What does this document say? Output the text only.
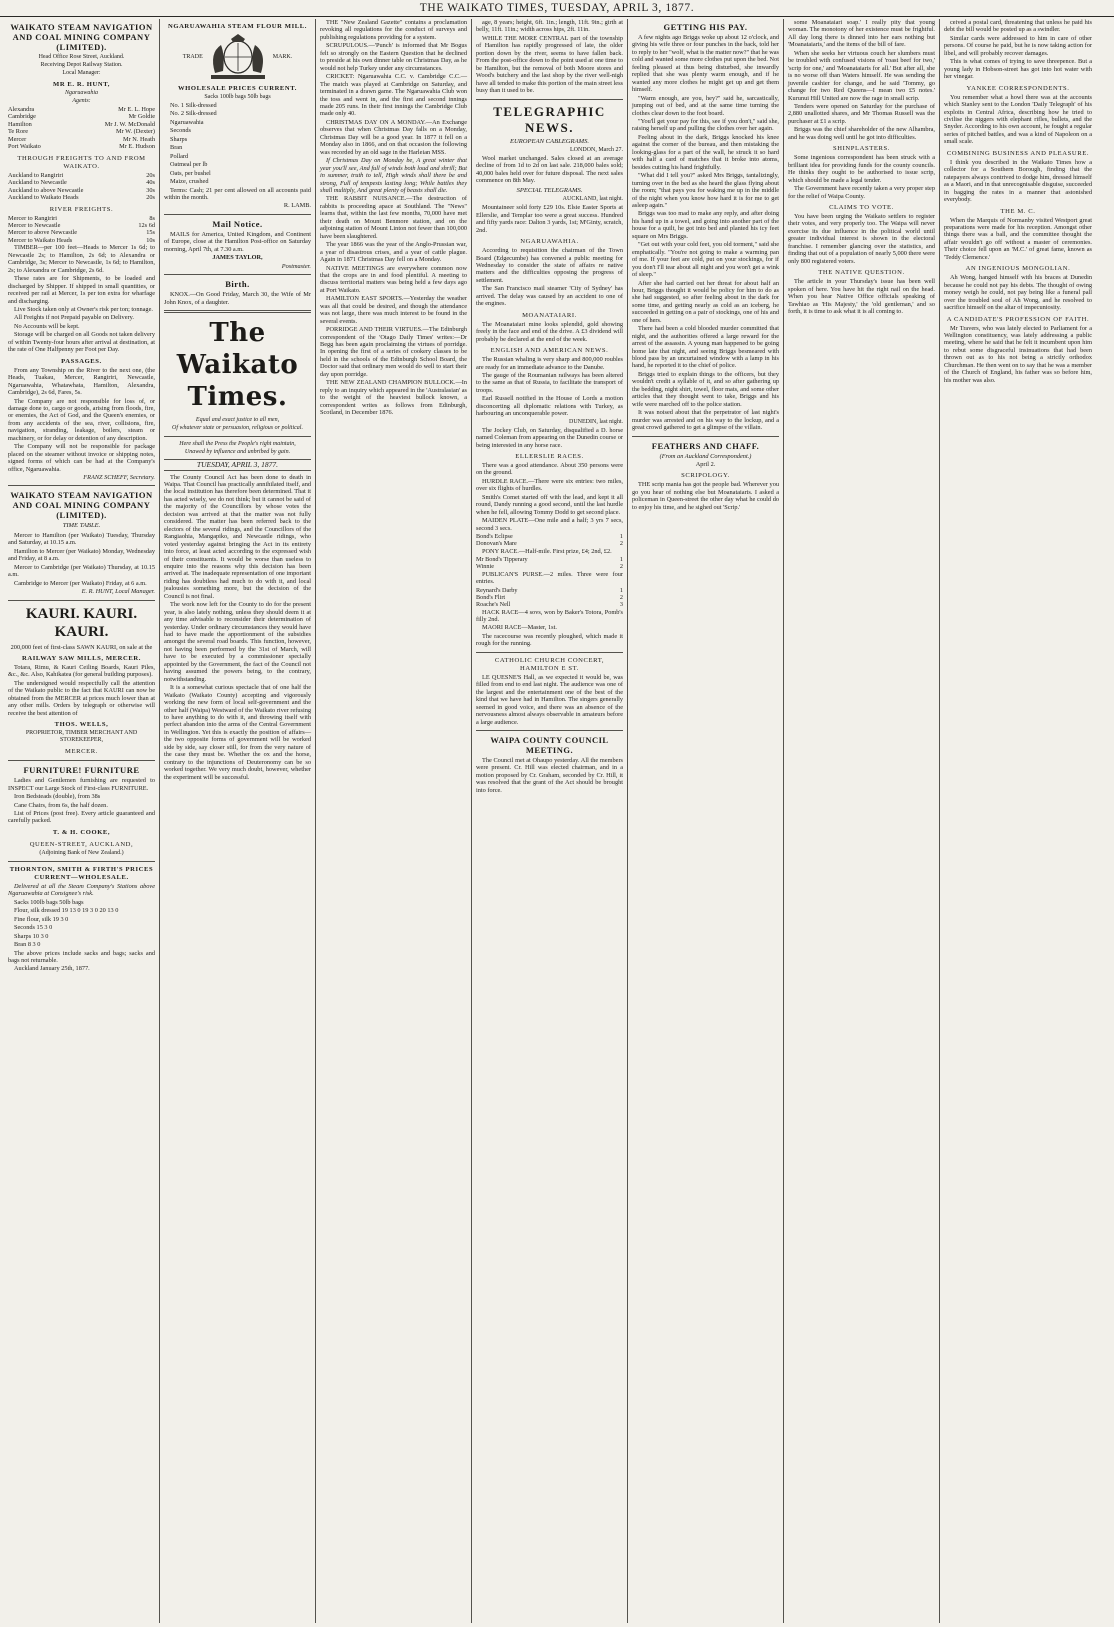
THE WAIKATO TIMES, TUESDAY, APRIL 3, 1877.
WAIKATO STEAM NAVIGATION AND COAL MINING COMPANY (LIMITED).

Head Office Rose Street, Auckland.

Receiving Depot Railway Station.

Local Manager:

MR E. R. HUNT,

Ngaruawahia

Agents:

Alexandra	Mr E. L. Hope
Cambridge	Mr Goldie
Hamilton	Mr J. W. McDonald
Te Rore	Mr W. (Dexter)
Mercer	Mr N. Heath
Port Waikato	Mr E. Hudson
THROUGH FREIGHTS TO AND FROM WAIKATO.
Auckland to Rangiriri	20s
Auckland to Newcastle	40s
Auckland to above Newcastle	30s
Auckland to Waikato Heads	20s
RIVER FREIGHTS.
Mercer to Rangiriri	8s
Mercer to Newcastle	12s 6d
Mercer to above Newcastle	15s
Mercer to Waikato Heads	10s

TIMBER—per 100 feet—Heads to Mercer 1s 6d; to Newcastle 2s; to Hamilton, 2s 6d; to Alexandra or Cambridge, 3s; Mercer to Newcastle, 1s 6d; to Hamilton, 2s; to Alexandra or Cambridge, 2s 6d.

These rates are for Shipments, to be loaded and discharged by Shipper. If shipped in small quantities, or received per rail at Mercer, 1s per ton extra for wharfage and discharging.

Live Stock taken only at Owner's risk per ton; tonnage.

All Freights if not Prepaid payable on Delivery.

No Accounts will be kept.

Storage will be charged on all Goods not taken delivery of within Twenty-four hours after arrival at destination, at the rate of One Halfpenny per Foot per Day.

PASSAGES.

From any Township on the River to the next one, (the Heads, Tuakau, Mercer, Rangiriri, Newcastle, Ngaruawahia, Whatawhata, Hamilton, Alexandra, Cambridge), 2s 6d, Fares, 5s.

The Company are not responsible for loss of, or damage done to, cargo or goods, arising from floods, fire, or enemies, the Act of God, and the Queen's enemies, or from any accidents of the sea, river, collisions, fire, navigation, stranding, leakage, boilers, steam or machinery, or for delay or detention of any description.

The Company will not be responsible for package placed on the steamer without invoice or shipping notes, signed forms of which can be had at the Company's office, Ngaruawahia.

FRANZ SCHEFF, Secretary.

WAIKATO STEAM NAVIGATION AND COAL MINING COMPANY (LIMITED).
TIME TABLE.

Mercer to Hamilton (per Waikato) Tuesday, Thursday and Saturday, at 10.15 a.m.

Hamilton to Mercer (per Waikato) Monday, Wednesday and Friday, at 8 a.m.

Mercer to Cambridge (per Waikato) Thursday, at 10.15 a.m.

Cambridge to Mercer (per Waikato) Friday, at 6 a.m.

E. R. HUNT, Local Manager.

KAURI. KAURI. KAURI.

200,000 feet of first-class SAWN KAURI, on sale at the

RAILWAY SAW MILLS, MERCER.

Totara, Rimu, & Kauri Ceiling Boards, Kauri Piles, &c., &c. Also, Kahikatea (for general building purposes).

The undersigned would respectfully call the attention of the Waikato public to the fact that KAURI can now be obtained from the MERCER at prices much lower than at any other mills. Orders by telegraph or otherwise will receive the best attention of

THOS. WELLS,

PROPRIETOR, TIMBER MERCHANT AND STOREKEEPER,

MERCER.
FURNITURE! FURNITURE

Ladies and Gentlemen furnishing are requested to INSPECT our Large Stock of First-class FURNITURE.

Iron Bedsteads (double), from 38s

Cane Chairs, from 6s, the half dozen.

List of Prices (post free). Every article guaranteed and carefully packed.

T. & H. COOKE,
QUEEN-STREET, AUCKLAND,

(Adjoining Bank of New Zealand.)

THORNTON, SMITH & FIRTH'S PRICES CURRENT—WHOLESALE.

Delivered at all the Steam Company's Stations above Ngaruawahia at Consignee's risk.

Sacks 100lb bags 50lb bags

Flour, silk dressed 19 13 0 19 3 0 20 13 0

Fine flour, silk 19 3 0

Seconds 15 3 0

Sharps 10 3 0

Bran 8 3 0

The above prices include sacks and bags; sacks and bags not returnable.

Auckland January 25th, 1877.

NGARUAWAHIA STEAM FLOUR MILL.
TRADE	MARK.
WHOLESALE PRICES CURRENT.

Sacks 100lb bags 50lb bags

No. 1 Silk-dressed

No. 2 Silk-dressed

Ngaruawahia

Seconds

Sharps

Bran

Pollard

Oatmeal per lb

Oats, per bushel

Maize, crushed

Terms: Cash; 21 per cent allowed on all accounts paid within the month.

R. LAMB.

Mail Notice.

MAILS for America, United Kingdom, and Continent of Europe, close at the Hamilton Post-office on Saturday morning, April 7th, at 7.30 a.m.

JAMES TAYLOR,

Postmaster.

Birth.

KNOX.—On Good Friday, March 30, the Wife of Mr John Knox, of a daughter.

The Waikato Times.

Equal and exact justice to all men,

Of whatever state or persuasion, religious or political.

Here shall the Press the People's right maintain,

Unawed by influence and unbribed by gain.

TUESDAY, APRIL 3, 1877.

The County Council Act has been done to death in Waipa. That Council has practically annihilated itself, and the local institution has therefore been determined. That it has acted wisely, we do not think; but it cannot be said of the majority of the Councillors by whose votes the decision was arrived at that the matter was not fully considered. The matter has been referred back to the electors of the several ridings, and the Councillors of the Rangiaohia, Mangapiko, and Newcastle ridings, who voted yesterday against bringing the Act in its entirety into force, at least acted according to the expressed wish of their constituents. It would be worse than useless to enquire into the reasons why this decision has been arrived at. The inadequate representation of one important riding has doubtless had much to do with it, and local jealousies something more, but the decision of the Council is not final.

The work now left for the County to do for the present year, is also lately nothing, unless they should deem it at any time advisable to reconsider their determination of yesterday. Under ordinary circumstances they would have had to have made the apportionment of the subsidies amongst the several road boards. This function, however, not having been performed by the 31st of March, will have to be executed by a commissioner specially appointed by the Government, the fact of the Council not having assumed the powers being, to the contrary, notwithstanding.

It is a somewhat curious spectacle that of one half the Waikato (Waikato County) accepting and vigorously working the new form of local self-government and the other half (Waipa) Westward of the Waikato river refusing to have anything to do with it, and throwing itself with perfect abandon into the arms of the Central Government in Wellington. Yet this is exactly the position of affairs—the two opposite forms of government will be worked side by side, say closer still, for from the very nature of the case they must be. Whether the ox and the horse, contrary to the injunctions of Deuteronomy can be so worked together. We very much doubt, however, whether the experiment will be successful.

THE "New Zealand Gazette" contains a proclamation revoking all regulations for the conduct of surveys and publishing regulations providing for a system.

SCRUPULOUS.—'Punch' is informed that Mr Bogus felt so strongly on the Eastern Question that he declined to preside at his own dinner table on Christmas Day, as he would not help Turkey under any circumstances.

CRICKET: Ngaruawahia C.C. v. Cambridge C.C.—The match was played at Cambridge on Saturday, and terminated in a drawn game. The Ngaruawahia Club won the toss and went in, and the first and second innings made 205 runs. In their first innings the Cambridge Club made only 40.

CHRISTMAS DAY ON A MONDAY.—An Exchange observes that when Christmas Day falls on a Monday, Christmas Day will be a good year. In 1877 it fell on a Monday also in 1866, and on that occasion the following was recorded by an old sage in the Harleian MSS.

If Christmas Day on Monday be, A great winter that year you'll see, And full of winds both loud and shrill; But in summer, truth to tell, High winds shall there be and strong, Full of tempests lasting long; While battles they shall multiply, And great plenty of beasts shall die.

THE RABBIT NUISANCE.—The destruction of rabbits is proceeding apace at Southland. The "News" learns that, within the last few months, 70,000 have met their death on Mount Benmore station, and on the adjoining station of Mount Linton not fewer than 100,000 have been slaughtered.

The year 1866 was the year of the Anglo-Prussian war, a year of disastrous crises, and a year of cattle plague. Again in 1871 Christmas Day fell on a Monday.

NATIVE MEETINGS are everywhere common now that the crops are in and food plentiful. A meeting to discuss territorial matters was being held a few days ago at Port Waikato.

HAMILTON EAST SPORTS.—Yesterday the weather was all that could be desired, and though the attendance was not large, there was much interest to be found in the several events.

PORRIDGE AND THEIR VIRTUES.—The Edinburgh correspondent of the 'Otago Daily Times' writes:—Dr Begg has been again proclaiming the virtues of porridge. In opening the first of a series of cookery classes to be held in the schools of the Edinburgh School Board, the Doctor said that ordinary men would do well to start their day upon porridge.

THE NEW ZEALAND CHAMPION BULLOCK.—In reply to an inquiry which appeared in the 'Australasian' as to the weight of the heaviest bullock known, a correspondent writes as follows from Edinburgh, Scotland, in December 1876.

age, 8 years; height, 6ft. 1in.; length, 11ft. 9in.; girth at belly, 11ft. 11in.; width across hips, 2ft. 11in.

WHILE THE MORE CENTRAL part of the township of Hamilton has rapidly progressed of late, the older portion down by the river, seems to have fallen back. From the post-office down to the point used at one time to be Hamilton, but the removal of both Moore stores and Wood's butchery and the last shop by the river well-nigh have all tended to make this portion of the main street less busy than it used to be.

TELEGRAPHIC NEWS.
EUROPEAN CABLEGRAMS.

LONDON, March 27.

Wool market unchanged. Sales closed at an average decline of from 1d to 2d on last sale. 218,000 bales sold; 40,000 bales held over for future disposal. The next sales commence on 8th May.

SPECIAL TELEGRAMS.

AUCKLAND, last night.

Mountaineer sold forty £29 10s. Elsie Easter Sports at Ellerslie, and Templar too were a great success. Hundred and fifty yards race: Dalton 3 yards, 1st; M'Ginty, scratch, 2nd.

NGARUAWAHIA.

According to requisition the chairman of the Town Board (Edgecumbe) has convened a public meeting for Wednesday to consider the state of affairs re native matters and the difficulties opposing the progress of settlement.

The San Francisco mail steamer 'City of Sydney' has arrived. The delay was caused by an accident to one of the engines.

MOANATAIARI.

The Moanataiari mine looks splendid, gold showing freely in the face and end of the drive. A £3 dividend will probably be declared at the end of the week.

ENGLISH AND AMERICAN NEWS.

The Russian whaling is very sharp and 800,000 roubles are ready for an immediate advance to the Danube.

The gauge of the Roumanian railways has been altered to the same as that of Russia, to facilitate the transport of troops.

Earl Russell notified in the House of Lords a motion disconcerting all diplomatic relations with Turkey, as harbouring an unconquerable power.

DUNEDIN, last night.

The Jockey Club, on Saturday, disqualified a D. horse named Coleman from appearing on the Dunedin course or being interested in any horse race.

ELLERSLIE RACES.

There was a good attendance. About 350 persons were on the ground.

HURDLE RACE.—There were six entries: two miles, over six flights of hurdles.

Smith's Comet started off with the lead, and kept it all round, Dandy running a good second, until the last hurdle when he fell, allowing Tommy Dodd to get second place.

MAIDEN PLATE—One mile and a half; 3 yrs 7 secs, second 3 secs.

Bond's Eclipse	1
Donovan's Mare	2

PONY RACE.—Half-mile. First prize, £4; 2nd, £2.

Mr Bond's Tipperary	1
Winnie	2

PUBLICAN'S PURSE.—2 miles. Three were four entries.

Reynard's Darby	1
Bond's Flirt	2
Roache's Nell	3

HACK RACE—4 sovs, won by Baker's Totora, Pomb's filly 2nd.

MAORI RACE—Master, 1st.

The racecourse was recently ploughed, which made it rough for the running.

CATHOLIC CHURCH CONCERT, HAMILTON E ST.

LE QUESNE'S Hall, as we expected it would be, was filled from end to end last night. The audience was one of the largest and the entertainment one of the best of the kind that we have had in Hamilton. The singers generally seemed in good voice, and there was an absence of the nervousness almost always observable in amateurs before a large audience.

WAIPA COUNTY COUNCIL MEETING.

The Council met at Ohaupo yesterday. All the members were present. Cr. Hill was elected chairman, and in a motion proposed by Cr. Graham, seconded by Cr. Hill, it was resolved that the grant of the Act should be brought into force.

GETTING HIS PAY.

A few nights ago Briggs woke up about 12 o'clock, and giving his wife three or four punches in the back, told her to reply to her "wolf, what is the matter now?" that he was cold and wanted some more clothes put upon the bed. Not feeling pleased at thus being disturbed, she inwardly replied that she was plenty warm enough, and if he wanted any more clothes he might get up and get them himself.

"Warm enough, are you, hey?" said he, sarcastically, jumping out of bed, and at the same time turning the clothes clear down to the foot board.

"You'll get your pay for this, see if you don't," said she, raising herself up and pulling the clothes over her again.

Feeling about in the dark, Briggs knocked his knee against the corner of the bureau, and then mistaking the looking-glass for a part of the wall, he struck it so hard with half a card of matches that it broke into atoms, besides cutting his hand frightfully.

"What did I tell you?" asked Mrs Briggs, tantalizingly, turning over in the bed as she heard the glass flying about the room; "that pays you for waking me up in the middle of the night when you know how hard it is for me to get asleep again."

Briggs was too mad to make any reply, and after doing his hand up in a towel, and going into another part of the house for a quilt, he got into bed and planted his icy feet square on Mrs Briggs.

"Get out with your cold feet, you old torment," said she emphatically. "You're not going to make a warming pan of me. If your feet are cold, put on your stockings, for if you don't I'll tear about all night and you won't get a wink of sleep."

After she had carried out her threat for about half an hour, Briggs thought it would be policy for him to do as she had suggested, so after feeling about in the dark for some time, and getting nearly as cold as an iceberg, he succeeded in getting on a pair of stockings, one of his and one of hers.

There had been a cold blooded murder committed that night, and the authorities offered a large reward for the arrest of the assassin. A young man happened to be going home late that night, and seeing Briggs besmeared with blood pass by an uncurtained window with a lamp in his hand, he reported it to the chief of police.

Briggs tried to explain things to the officers, but they wouldn't credit a syllable of it, and so after gathering up the bedding, night shirt, towel, floor mats, and some other articles that they thought went to take, Briggs and his wife were marched off to the police station.

It was noised about that the perpetrator of last night's murder was arrested and on his way to the lockup, and a great crowd gathered to get a glimpse of the villain.

FEATHERS AND CHAFF.

(From an Auckland Correspondent.)

April 2.

SCRIPOLOGY.

THE scrip mania has got the people bad. Wherever you go you hear of nothing else but Moanataiaris. I asked a policeman in Queen-street the other day what he could do to enjoy his time, and he sighed out 'Scrip.'

some Moanataiari soap.' I really pity that young woman. The monotony of her existence must be frightful. All day long there is dinned into her ears nothing but 'Moanataiaris,' and the items of the bill of fare.

When she seeks her virtuous couch her slumbers must be troubled with confused visions of 'roast beef for two,' 'scrip for one,' and 'Moanataiaris for all.' But after all, she is no worse off than Waters himself. He was sending the juvenile cashier for change, and he said 'Tommy, go change for two Red Queens—I mean two £5 notes.' Kurunui Hill United are now the rage in small scrip.

Tenders were opened on Saturday for the purchase of 2,880 unallotted shares, and Mr Thomas Russell was the purchaser at £1 a scrip.

Briggs was the chief shareholder of the new Alhambra, and he was doing well until he got into difficulties.

SHINPLASTERS.

Some ingenious correspondent has been struck with a brilliant idea for providing funds for the county councils. He thinks they ought to be authorised to issue scrip, which should be made a legal tender.

The Government have recently taken a very proper step for the relief of Waipa County.

CLAIMS TO VOTE.

You have been urging the Waikato settlers to register their votes, and very properly too. The Waipa will never exercise its due influence in the political world until greater individual interest is shown in the electoral franchise. I remember glancing over the statistics, and finding that out of a population of nearly 5,000 there were only 800 registered voters.

THE NATIVE QUESTION.

The article in your Thursday's issue has been well spoken of here. You have hit the right nail on the head. When you hear Native Office officials speaking of Tawhiao as 'His Majesty,' the 'old gentleman,' and so forth, it is time to ask what it is all coming to.

ceived a postal card, threatening that unless he paid his debt the bill would be posted up as a swindler.

Similar cards were addressed to him in care of other persons. Of course he paid, but he is now taking action for libel, and will probably recover damages.

This is what comes of trying to save threepence. But a young lady in Hobson-street has got into hot water with her vinegar.

YANKEE CORRESPONDENTS.

You remember what a howl there was at the accounts which Stanley sent to the London 'Daily Telegraph' of his exploits in Central Africa, describing how he tried to civilise the niggers with elephant rifles, bullets, and the Snyder. According to his own account, he fought a regular series of pitched battles, and was a kind of Napoleon on a small scale.

COMBINING BUSINESS AND PLEASURE.

I think you described in the Waikato Times how a collector for a Southern Borough, finding that the ratepayers always contrived to dodge him, dressed himself as a Maori, and in that unrecognisable disguise, succeeded in bagging the rates in a manner that astonished everybody.

THE M. C.

When the Marquis of Normanby visited Westport great preparations were made for his reception. Amongst other things there was a ball, and the committee thought the affair wouldn't go off without a master of ceremonies. Their choice fell upon an 'M.C.' of great fame, known as 'Teddy Clemence.'

AN INGENIOUS MONGOLIAN.

Ah Wong, hanged himself with his braces at Dunedin because he could not pay his debts. The thought of owing money weigh he could, not pay being like a funeral pall over the troubled soul of Ah Wong, and he resolved to sacrifice himself on the altar of impecuniosity.

A CANDIDATE'S PROFESSION OF FAITH.

Mr Travers, who was lately elected to Parliament for a Wellington constituency, was lately addressing a public meeting, where he said that he felt it incumbent upon him to rebut some disgraceful insinuations that had been thrown out as to his not being a strictly orthodox Churchman. He then went on to say that he was a member of the Church of England, his father was so before him, his mother was also.
